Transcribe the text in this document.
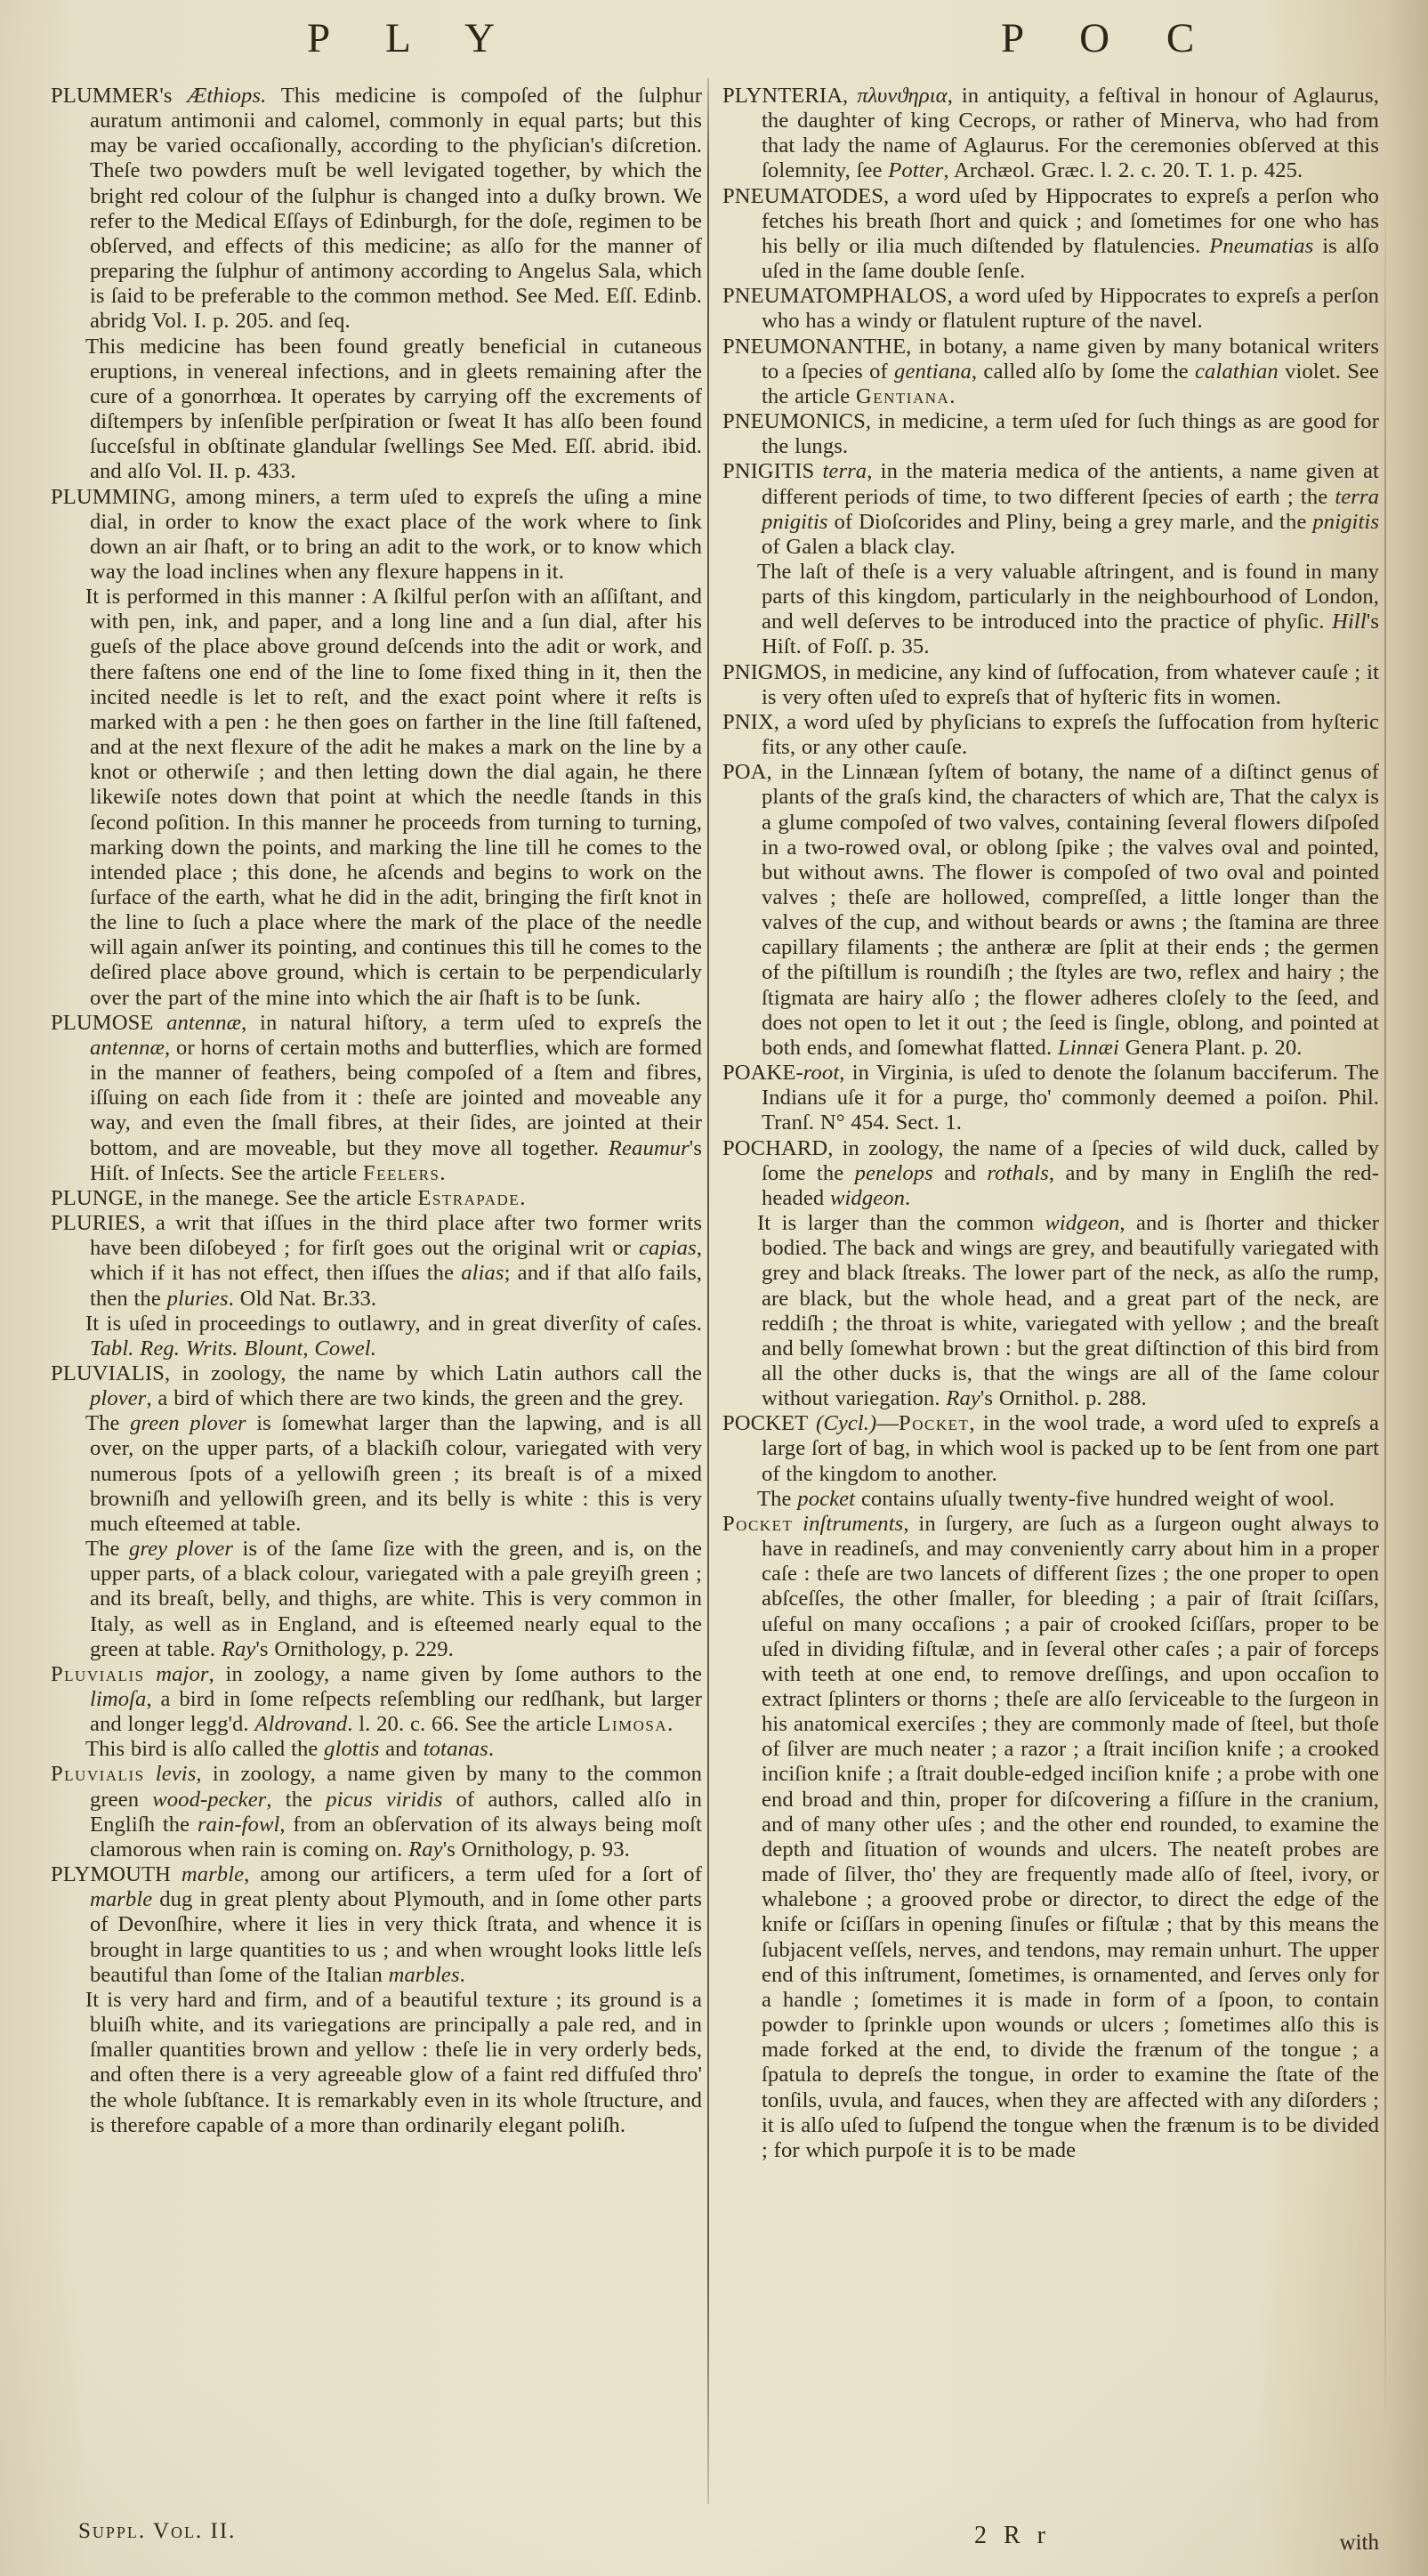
P L Y	P O C

PLUMMER's Æthiops. This medicine is compoſed of the ſulphur auratum antimonii and calomel, commonly in equal parts; but this may be varied occaſionally, according to the phyſician's diſcretion. Theſe two powders muſt be well levigated together, by which the bright red colour of the ſulphur is changed into a duſky brown. We refer to the Medical Eſſays of Edinburgh, for the doſe, regimen to be obſerved, and effects of this medicine; as alſo for the manner of preparing the ſulphur of antimony according to Angelus Sala, which is ſaid to be preferable to the common method. See Med. Eſſ. Edinb. abridg Vol. I. p. 205. and ſeq.

This medicine has been found greatly beneficial in cutaneous eruptions, in venereal infections, and in gleets remaining after the cure of a gonorrhœa. It operates by carrying off the excrements of diſtempers by inſenſible perſpiration or ſweat It has alſo been found ſucceſsful in obſtinate glandular ſwellings See Med. Eſſ. abrid. ibid. and alſo Vol. II. p. 433.

PLUMMING, among miners, a term uſed to expreſs the uſing a mine dial, in order to know the exact place of the work where to ſink down an air ſhaft, or to bring an adit to the work, or to know which way the load inclines when any flexure happens in it.

It is performed in this manner : A ſkilful perſon with an aſſiſtant, and with pen, ink, and paper, and a long line and a ſun dial, after his gueſs of the place above ground deſcends into the adit or work, and there faſtens one end of the line to ſome fixed thing in it, then the incited needle is let to reſt, and the exact point where it reſts is marked with a pen : he then goes on farther in the line ſtill faſtened, and at the next flexure of the adit he makes a mark on the line by a knot or otherwiſe ; and then letting down the dial again, he there likewiſe notes down that point at which the needle ſtands in this ſecond poſition. In this manner he proceeds from turning to turning, marking down the points, and marking the line till he comes to the intended place ; this done, he aſcends and begins to work on the ſurface of the earth, what he did in the adit, bringing the firſt knot in the line to ſuch a place where the mark of the place of the needle will again anſwer its pointing, and continues this till he comes to the deſired place above ground, which is certain to be perpendicularly over the part of the mine into which the air ſhaft is to be ſunk.

PLUMOSE antennæ, in natural hiſtory, a term uſed to expreſs the antennæ, or horns of certain moths and butterflies, which are formed in the manner of feathers, being compoſed of a ſtem and fibres, iſſuing on each ſide from it : theſe are jointed and moveable any way, and even the ſmall fibres, at their ſides, are jointed at their bottom, and are moveable, but they move all together. Reaumur's Hiſt. of Inſects. See the article Feelers.

PLUNGE, in the manege. See the article Estrapade.

PLURIES, a writ that iſſues in the third place after two former writs have been diſobeyed ; for firſt goes out the original writ or capias, which if it has not effect, then iſſues the alias; and if that alſo fails, then the pluries. Old Nat. Br.33.

It is uſed in proceedings to outlawry, and in great diverſity of caſes. Tabl. Reg. Writs. Blount, Cowel.

PLUVIALIS, in zoology, the name by which Latin authors call the plover, a bird of which there are two kinds, the green and the grey.

The green plover is ſomewhat larger than the lapwing, and is all over, on the upper parts, of a blackiſh colour, variegated with very numerous ſpots of a yellowiſh green ; its breaſt is of a mixed browniſh and yellowiſh green, and its belly is white : this is very much eſteemed at table.

The grey plover is of the ſame ſize with the green, and is, on the upper parts, of a black colour, variegated with a pale greyiſh green ; and its breaſt, belly, and thighs, are white. This is very common in Italy, as well as in England, and is eſteemed nearly equal to the green at table. Ray's Ornithology, p. 229.

Pluvialis major, in zoology, a name given by ſome authors to the limoſa, a bird in ſome reſpects reſembling our redſhank, but larger and longer legg'd. Aldrovand. l. 20. c. 66. See the article Limosa.

This bird is alſo called the glottis and totanas.

Pluvialis levis, in zoology, a name given by many to the common green wood-pecker, the picus viridis of authors, called alſo in Engliſh the rain-fowl, from an obſervation of its always being moſt clamorous when rain is coming on. Ray's Ornithology, p. 93.

PLYMOUTH marble, among our artificers, a term uſed for a ſort of marble dug in great plenty about Plymouth, and in ſome other parts of Devonſhire, where it lies in very thick ſtrata, and whence it is brought in large quantities to us ; and when wrought looks little leſs beautiful than ſome of the Italian marbles.

It is very hard and firm, and of a beautiful texture ; its ground is a bluiſh white, and its variegations are principally a pale red, and in ſmaller quantities brown and yellow : theſe lie in very orderly beds, and often there is a very agreeable glow of a faint red diffuſed thro' the whole ſubſtance. It is remarkably even in its whole ſtructure, and is therefore capable of a more than ordinarily elegant poliſh.

PLYNTERIA, πλυνϑηρια, in antiquity, a feſtival in honour of Aglaurus, the daughter of king Cecrops, or rather of Minerva, who had from that lady the name of Aglaurus. For the ceremonies obſerved at this ſolemnity, ſee Potter, Archæol. Græc. l. 2. c. 20. T. 1. p. 425.

PNEUMATODES, a word uſed by Hippocrates to expreſs a perſon who fetches his breath ſhort and quick ; and ſometimes for one who has his belly or ilia much diſtended by flatulencies. Pneumatias is alſo uſed in the ſame double ſenſe.

PNEUMATOMPHALOS, a word uſed by Hippocrates to expreſs a perſon who has a windy or flatulent rupture of the navel.

PNEUMONANTHE, in botany, a name given by many botanical writers to a ſpecies of gentiana, called alſo by ſome the calathian violet. See the article Gentiana.

PNEUMONICS, in medicine, a term uſed for ſuch things as are good for the lungs.

PNIGITIS terra, in the materia medica of the antients, a name given at different periods of time, to two different ſpecies of earth ; the terra pnigitis of Dioſcorides and Pliny, being a grey marle, and the pnigitis of Galen a black clay.

The laſt of theſe is a very valuable aſtringent, and is found in many parts of this kingdom, particularly in the neighbourhood of London, and well deſerves to be introduced into the practice of phyſic. Hill's Hiſt. of Foſſ. p. 35.

PNIGMOS, in medicine, any kind of ſuffocation, from whatever cauſe ; it is very often uſed to expreſs that of hyſteric fits in women.

PNIX, a word uſed by phyſicians to expreſs the ſuffocation from hyſteric fits, or any other cauſe.

POA, in the Linnæan ſyſtem of botany, the name of a diſtinct genus of plants of the graſs kind, the characters of which are, That the calyx is a glume compoſed of two valves, containing ſeveral flowers diſpoſed in a two-rowed oval, or oblong ſpike ; the valves oval and pointed, but without awns. The flower is compoſed of two oval and pointed valves ; theſe are hollowed, compreſſed, a little longer than the valves of the cup, and without beards or awns ; the ſtamina are three capillary filaments ; the antheræ are ſplit at their ends ; the germen of the piſtillum is roundiſh ; the ſtyles are two, reflex and hairy ; the ſtigmata are hairy alſo ; the flower adheres cloſely to the ſeed, and does not open to let it out ; the ſeed is ſingle, oblong, and pointed at both ends, and ſomewhat flatted. Linnæi Genera Plant. p. 20.

POAKE-root, in Virginia, is uſed to denote the ſolanum bacciferum. The Indians uſe it for a purge, tho' commonly deemed a poiſon. Phil. Tranſ. N° 454. Sect. 1.

POCHARD, in zoology, the name of a ſpecies of wild duck, called by ſome the penelops and rothals, and by many in Engliſh the red-headed widgeon.

It is larger than the common widgeon, and is ſhorter and thicker bodied. The back and wings are grey, and beautifully variegated with grey and black ſtreaks. The lower part of the neck, as alſo the rump, are black, but the whole head, and a great part of the neck, are reddiſh ; the throat is white, variegated with yellow ; and the breaſt and belly ſomewhat brown : but the great diſtinction of this bird from all the other ducks is, that the wings are all of the ſame colour without variegation. Ray's Ornithol. p. 288.

POCKET (Cycl.)—Pocket, in the wool trade, a word uſed to expreſs a large ſort of bag, in which wool is packed up to be ſent from one part of the kingdom to another.

The pocket contains uſually twenty-five hundred weight of wool.

Pocket inſtruments, in ſurgery, are ſuch as a ſurgeon ought always to have in readineſs, and may conveniently carry about him in a proper caſe : theſe are two lancets of different ſizes ; the one proper to open abſceſſes, the other ſmaller, for bleeding ; a pair of ſtrait ſciſſars, uſeful on many occaſions ; a pair of crooked ſciſſars, proper to be uſed in dividing fiſtulæ, and in ſeveral other caſes ; a pair of forceps with teeth at one end, to remove dreſſings, and upon occaſion to extract ſplinters or thorns ; theſe are alſo ſerviceable to the ſurgeon in his anatomical exerciſes ; they are commonly made of ſteel, but thoſe of ſilver are much neater ; a razor ; a ſtrait inciſion knife ; a crooked inciſion knife ; a ſtrait double-edged inciſion knife ; a probe with one end broad and thin, proper for diſcovering a fiſſure in the cranium, and of many other uſes ; and the other end rounded, to examine the depth and ſituation of wounds and ulcers. The neateſt probes are made of ſilver, tho' they are frequently made alſo of ſteel, ivory, or whalebone ; a grooved probe or director, to direct the edge of the knife or ſciſſars in opening ſinuſes or fiſtulæ ; that by this means the ſubjacent veſſels, nerves, and tendons, may remain unhurt. The upper end of this inſtrument, ſometimes, is ornamented, and ſerves only for a handle ; ſometimes it is made in form of a ſpoon, to contain powder to ſprinkle upon wounds or ulcers ; ſometimes alſo this is made forked at the end, to divide the frænum of the tongue ; a ſpatula to depreſs the tongue, in order to examine the ſtate of the tonſils, uvula, and fauces, when they are affected with any diſorders ; it is alſo uſed to ſuſpend the tongue when the frænum is to be divided ; for which purpoſe it is to be made

Suppl. Vol. II.	2 R r	with
